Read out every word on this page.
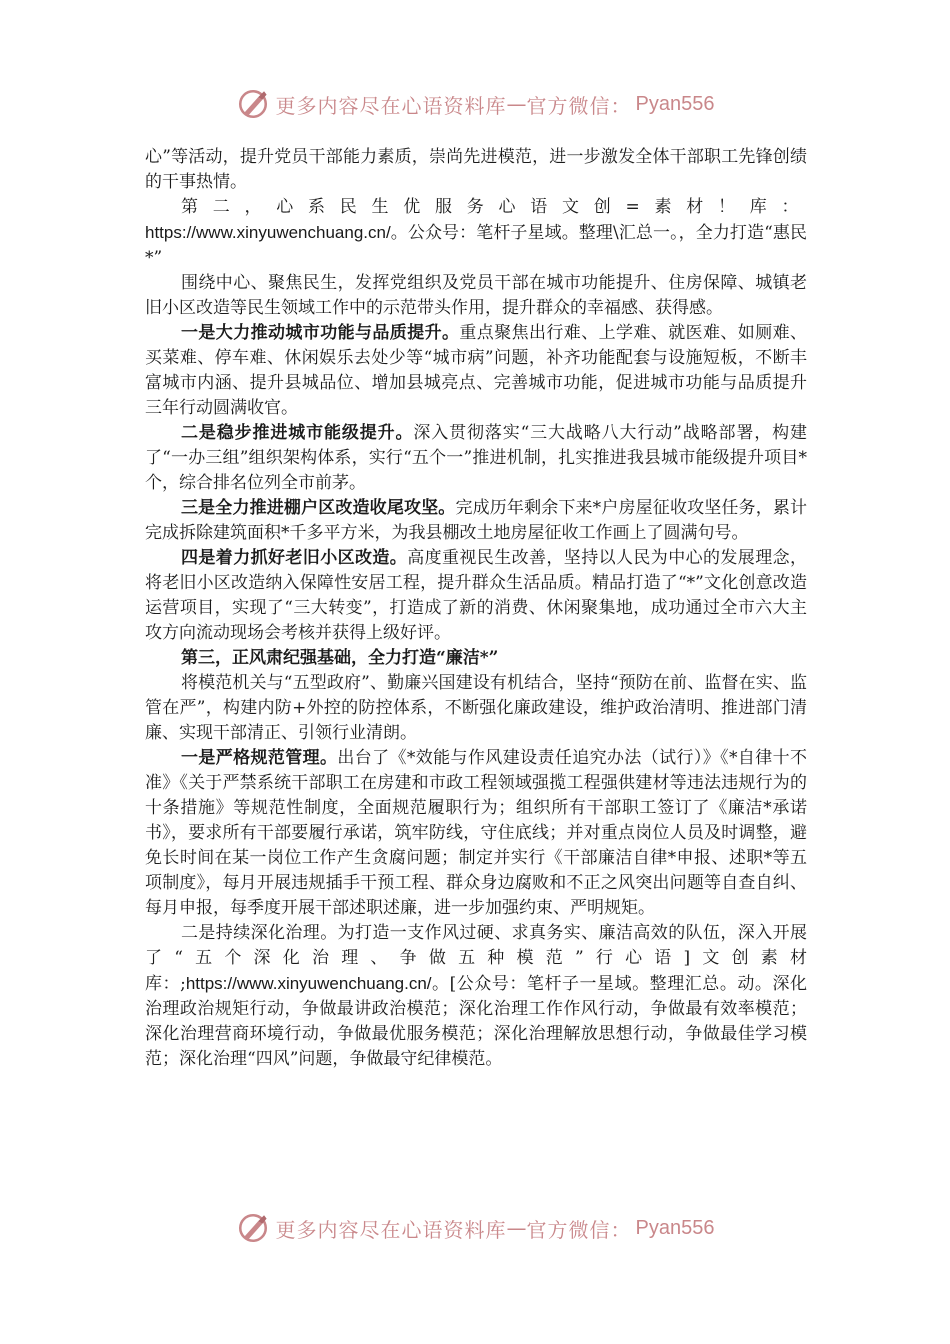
更多内容尽在心语资料库 — 官方微信： Pyan556

心”等活动，提升党员干部能力素质，崇尚先进模范，进一步激发全体干部职工先锋创绩的干事热情。

第二，心系民生优服务心语文创=素材！库：https://www.xinyuwenchuang.cn/。公众号：笔杆子星域。整理\汇总一。，全力打造“惠民*”

围绕中心、聚焦民生，发挥党组织及党员干部在城市功能提升、住房保障、城镇老旧小区改造等民生领域工作中的示范带头作用，提升群众的幸福感、获得感。

一是大力推动城市功能与品质提升。重点聚焦出行难、上学难、就医难、如厕难、买菜难、停车难、休闲娱乐去处少等“城市病”问题，补齐功能配套与设施短板，不断丰富城市内涵、提升县城品位、增加县城亮点、完善城市功能，促进城市功能与品质提升三年行动圆满收官。

二是稳步推进城市能级提升。深入贯彻落实“三大战略八大行动”战略部署，构建了“一办三组”组织架构体系，实行“五个一”推进机制，扎实推进我县城市能级提升项目*个，综合排名位列全市前茅。

三是全力推进棚户区改造收尾攻坚。完成历年剩余下来*户房屋征收攻坚任务，累计完成拆除建筑面积*千多平方米，为我县棚改土地房屋征收工作画上了圆满句号。

四是着力抓好老旧小区改造。高度重视民生改善，坚持以人民为中心的发展理念，将老旧小区改造纳入保障性安居工程，提升群众生活品质。精品打造了“*”文化创意改造运营项目，实现了“三大转变”，打造成了新的消费、休闲聚集地，成功通过全市六大主攻方向流动现场会考核并获得上级好评。

第三，正风肃纪强基础，全力打造“廉洁*”

将模范机关与“五型政府”、勤廉兴国建设有机结合，坚持“预防在前、监督在实、监管在严”，构建内防+外控的防控体系，不断强化廉政建设，维护政治清明、推进部门清廉、实现干部清正、引领行业清朗。

一是严格规范管理。出台了《*效能与作风建设责任追究办法（试行）》《*自律十不准》《关于严禁系统干部职工在房建和市政工程领域强揽工程强供建材等违法违规行为的十条措施》等规范性制度，全面规范履职行为；组织所有干部职工签订了《廉洁*承诺书》，要求所有干部要履行承诺，筑牢防线，守住底线；并对重点岗位人员及时调整，避免长时间在某一岗位工作产生贪腐问题；制定并实行《干部廉洁自律*申报、述职*等五项制度》，每月开展违规插手干预工程、群众身边腐败和不正之风突出问题等自查自纠、每月申报，每季度开展干部述职述廉，进一步加强约束、严明规矩。

二是持续深化治理。为打造一支作风过硬、求真务实、廉洁高效的队伍，深入开展了“五个深化治理、争做五种模范”行心语]文创素材库：;https://www.xinyuwenchuang.cn/。[公众号：笔杆子一星域。整理汇总。动。深化治理政治规矩行动，争做最讲政治模范；深化治理工作作风行动，争做最有效率模范；深化治理营商环境行动，争做最优服务模范；深化治理解放思想行动，争做最佳学习模范；深化治理“四风”问题，争做最守纪律模范。

更多内容尽在心语资料库 — 官方微信： Pyan556
